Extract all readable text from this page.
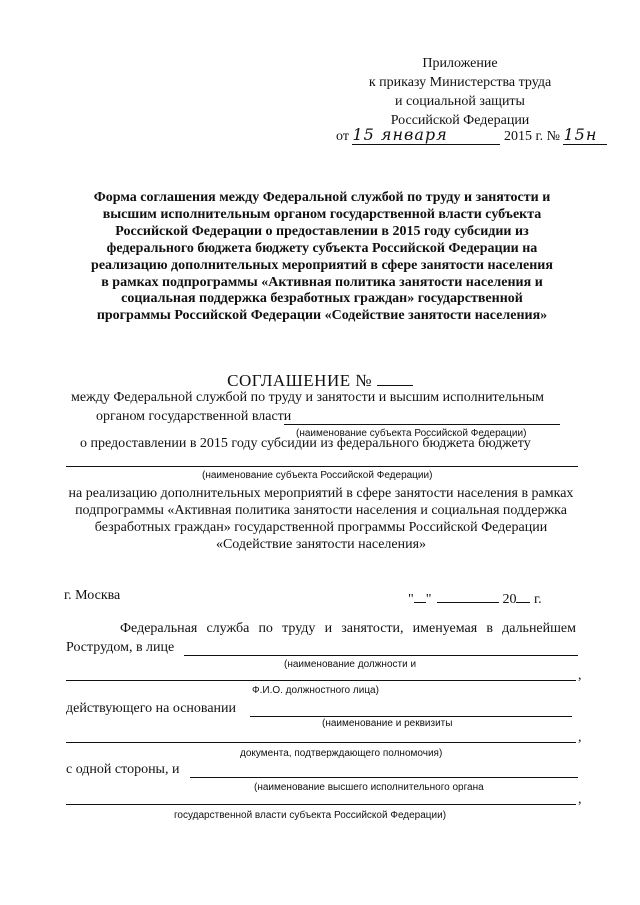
Приложение
к приказу Министерства труда
и социальной защиты
Российской Федерации
от 15 января	2015 г. № 15н
Форма соглашения между Федеральной службой по труду и занятости и высшим исполнительным органом государственной власти субъекта Российской Федерации о предоставлении в 2015 году субсидии из федерального бюджета бюджету субъекта Российской Федерации на реализацию дополнительных мероприятий в сфере занятости населения в рамках подпрограммы «Активная политика занятости населения и социальная поддержка безработных граждан» государственной программы Российской Федерации «Содействие занятости населения»
СОГЛАШЕНИЕ №
между Федеральной службой по труду и занятости и высшим исполнительным
органом государственной власти
(наименование субъекта Российской Федерации)
о предоставлении в 2015 году субсидии из федерального бюджета бюджету
(наименование субъекта Российской Федерации)
на реализацию дополнительных мероприятий в сфере занятости населения в рамках подпрограммы «Активная политика занятости населения и социальная поддержка безработных граждан» государственной программы Российской Федерации «Содействие занятости населения»
г. Москва	" "	20 г.
Федеральная служба по труду и занятости, именуемая в дальнейшем
Рострудом, в лице
(наименование должности и
,
Ф.И.О. должностного лица)
действующего на основании
(наименование и реквизиты
,
документа, подтверждающего полномочия)
с одной стороны, и
(наименование высшего исполнительного органа
,
государственной власти субъекта Российской Федерации)
